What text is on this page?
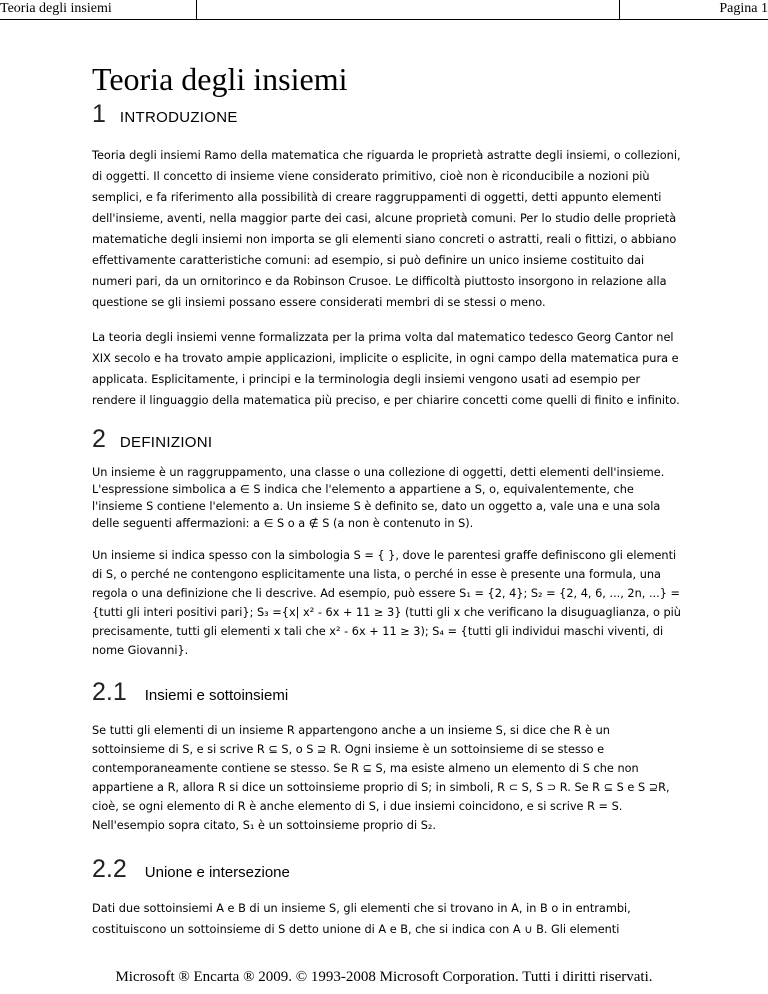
Teoria degli insiemi	Pagina 1
Teoria degli insiemi
1 INTRODUZIONE

Teoria degli insiemi Ramo della matematica che riguarda le proprietà astratte degli insiemi, o collezioni, di oggetti. Il concetto di insieme viene considerato primitivo, cioè non è riconducibile a nozioni più semplici, e fa riferimento alla possibilità di creare raggruppamenti di oggetti, detti appunto elementi dell'insieme, aventi, nella maggior parte dei casi, alcune proprietà comuni. Per lo studio delle proprietà matematiche degli insiemi non importa se gli elementi siano concreti o astratti, reali o fittizi, o abbiano effettivamente caratteristiche comuni: ad esempio, si può definire un unico insieme costituito dai numeri pari, da un ornitorinco e da Robinson Crusoe. Le difficoltà piuttosto insorgono in relazione alla questione se gli insiemi possano essere considerati membri di se stessi o meno.

La teoria degli insiemi venne formalizzata per la prima volta dal matematico tedesco Georg Cantor nel XIX secolo e ha trovato ampie applicazioni, implicite o esplicite, in ogni campo della matematica pura e applicata. Esplicitamente, i principi e la terminologia degli insiemi vengono usati ad esempio per rendere il linguaggio della matematica più preciso, e per chiarire concetti come quelli di finito e infinito.

2 DEFINIZIONI

Un insieme è un raggruppamento, una classe o una collezione di oggetti, detti elementi dell'insieme. L'espressione simbolica a ∈ S indica che l'elemento a appartiene a S, o, equivalentemente, che l'insieme S contiene l'elemento a. Un insieme S è definito se, dato un oggetto a, vale una e una sola delle seguenti affermazioni: a ∈ S o a ∉ S (a non è contenuto in S).

Un insieme si indica spesso con la simbologia S = { }, dove le parentesi graffe definiscono gli elementi di S, o perché ne contengono esplicitamente una lista, o perché in esse è presente una formula, una regola o una definizione che li descrive. Ad esempio, può essere S₁ = {2, 4}; S₂ = {2, 4, 6, ..., 2n, ...} = {tutti gli interi positivi pari}; S₃ ={x| x² - 6x + 11 ≥ 3} (tutti gli x che verificano la disuguaglianza, o più precisamente, tutti gli elementi x tali che x² - 6x + 11 ≥ 3); S₄ = {tutti gli individui maschi viventi, di nome Giovanni}.

2.1 Insiemi e sottoinsiemi

Se tutti gli elementi di un insieme R appartengono anche a un insieme S, si dice che R è un sottoinsieme di S, e si scrive R ⊆ S, o S ⊇ R. Ogni insieme è un sottoinsieme di se stesso e contemporaneamente contiene se stesso. Se R ⊆ S, ma esiste almeno un elemento di S che non appartiene a R, allora R si dice un sottoinsieme proprio di S; in simboli, R ⊂ S, S ⊃ R. Se R ⊆ S e S ⊇R, cioè, se ogni elemento di R è anche elemento di S, i due insiemi coincidono, e si scrive R = S. Nell'esempio sopra citato, S₁ è un sottoinsieme proprio di S₂.

2.2 Unione e intersezione

Dati due sottoinsiemi A e B di un insieme S, gli elementi che si trovano in A, in B o in entrambi, costituiscono un sottoinsieme di S detto unione di A e B, che si indica con A ∪ B. Gli elementi

Microsoft ® Encarta ® 2009. © 1993-2008 Microsoft Corporation. Tutti i diritti riservati.
